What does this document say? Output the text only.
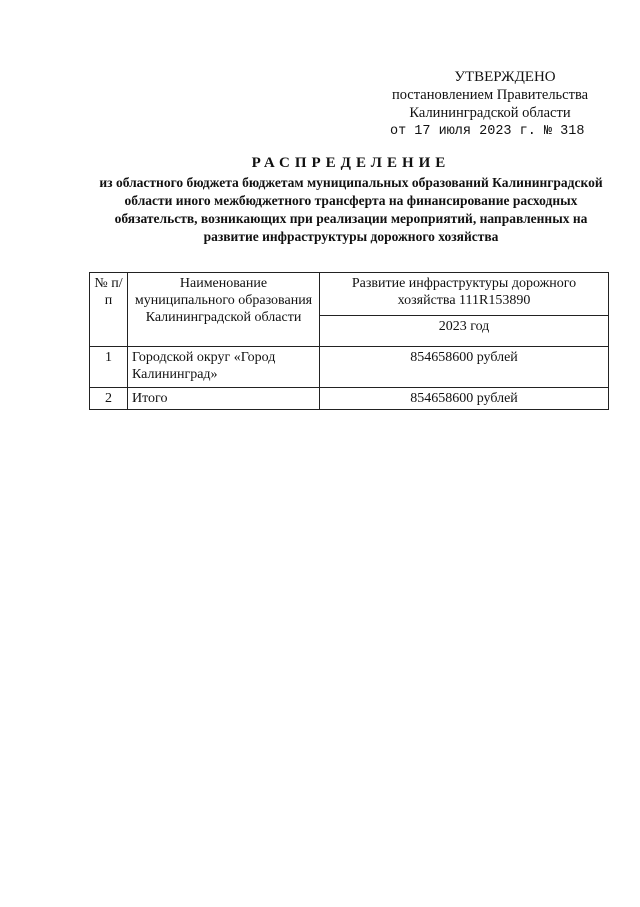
УТВЕРЖДЕНО
постановлением Правительства
Калининградской области
от 17 июля 2023 г. № 318
РАСПРЕДЕЛЕНИЕ
из областного бюджета бюджетам муниципальных образований Калининградской области иного межбюджетного трансферта на финансирование расходных обязательств, возникающих при реализации мероприятий, направленных на развитие инфраструктуры дорожного хозяйства
№ п/п	Наименование муниципального образования Калининградской области	Развитие инфраструктуры дорожного хозяйства 111R153890
		2023 год
1	Городской округ «Город Калининград»	854658600 рублей
2	Итого	854658600 рублей
